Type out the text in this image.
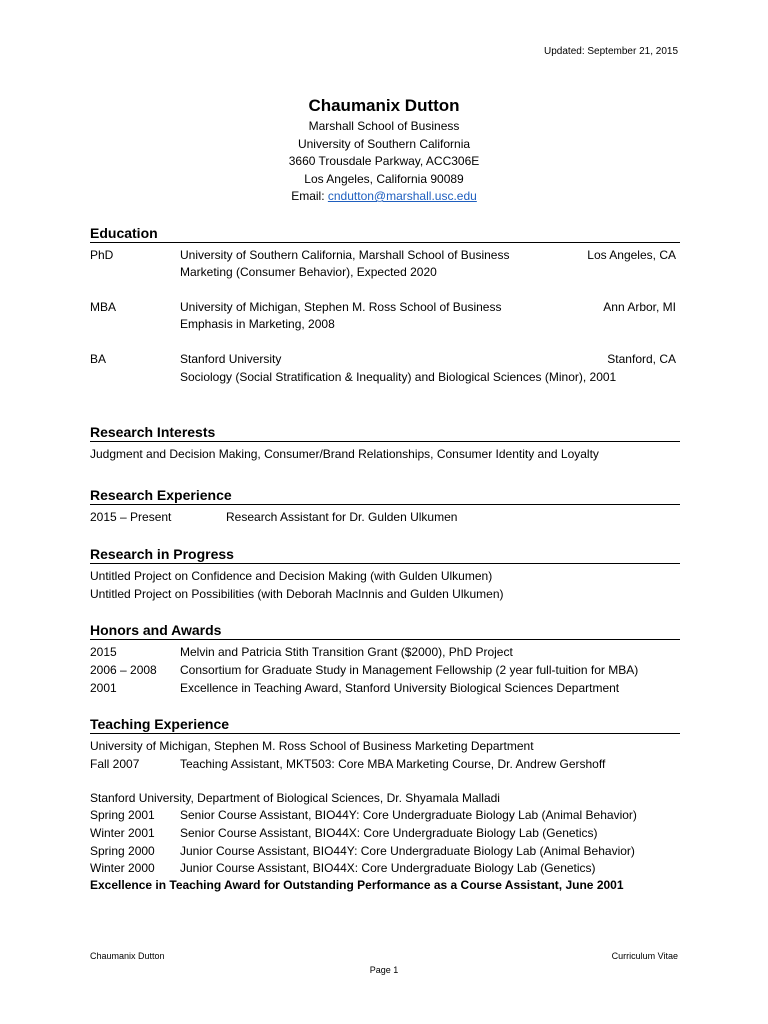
Updated: September 21, 2015
Chaumanix Dutton
Marshall School of Business
University of Southern California
3660 Trousdale Parkway, ACC306E
Los Angeles, California 90089
Email: cndutton@marshall.usc.edu
Education
PhD	University of Southern California, Marshall School of Business	Los Angeles, CA
Marketing (Consumer Behavior), Expected 2020
MBA	University of Michigan, Stephen M. Ross School of Business	Ann Arbor, MI
Emphasis in Marketing, 2008
BA	Stanford University	Stanford, CA
Sociology (Social Stratification & Inequality) and Biological Sciences (Minor), 2001
Research Interests
Judgment and Decision Making, Consumer/Brand Relationships, Consumer Identity and Loyalty
Research Experience
2015 – Present	Research Assistant for Dr. Gulden Ulkumen
Research in Progress
Untitled Project on Confidence and Decision Making (with Gulden Ulkumen)
Untitled Project on Possibilities (with Deborah MacInnis and Gulden Ulkumen)
Honors and Awards
2015	Melvin and Patricia Stith Transition Grant ($2000), PhD Project
2006 – 2008 Consortium for Graduate Study in Management Fellowship (2 year full-tuition for MBA)
2001	Excellence in Teaching Award, Stanford University Biological Sciences Department
Teaching Experience
University of Michigan, Stephen M. Ross School of Business Marketing Department
Fall 2007	Teaching Assistant, MKT503: Core MBA Marketing Course, Dr. Andrew Gershoff
Stanford University, Department of Biological Sciences, Dr. Shyamala Malladi
Spring 2001 Senior Course Assistant, BIO44Y: Core Undergraduate Biology Lab (Animal Behavior)
Winter 2001 Senior Course Assistant, BIO44X: Core Undergraduate Biology Lab (Genetics)
Spring 2000 Junior Course Assistant, BIO44Y: Core Undergraduate Biology Lab (Animal Behavior)
Winter 2000 Junior Course Assistant, BIO44X: Core Undergraduate Biology Lab (Genetics)
Excellence in Teaching Award for Outstanding Performance as a Course Assistant, June 2001
Chaumanix Dutton	Curriculum Vitae
Page 1
